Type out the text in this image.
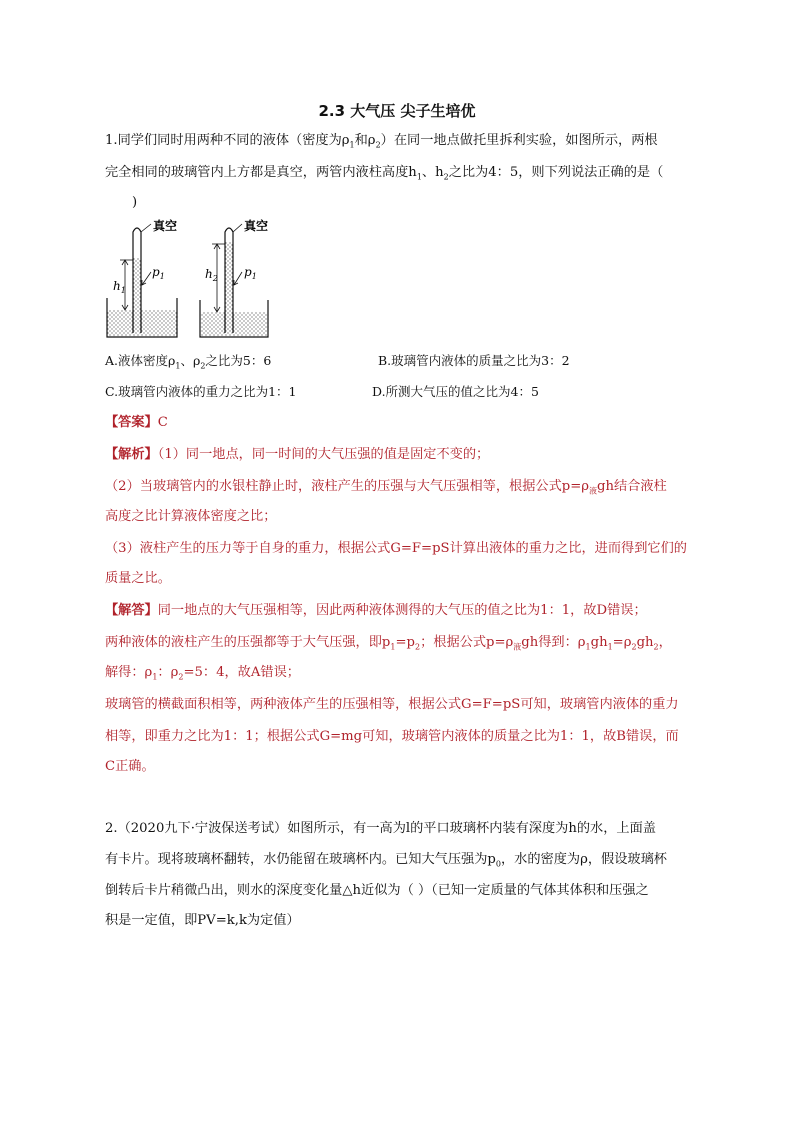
2.3 大气压 尖子生培优
1.同学们同时用两种不同的液体（密度为$\rho_1$和$\rho_2$）在同一地点做托里拆利实验，如图所示，两根
完全相同的玻璃管内上方都是真空，两管内液柱高度$h_1$、$h_2$之比为4：5，则下列说法正确的是（
)
真空
$h_1$
$p_1$
真空
$h_2$ $p_1$
A.液体密度$\rho_1$、$\rho_2$之比为5：6	B.玻璃管内液体的质量之比为3：2
C.玻璃管内液体的重力之比为1：1	D.所测大气压的值之比为4：5
【答案】C
【解析】（1）同一地点，同一时间的大气压强的值是固定不变的；
（2）当玻璃管内的水银柱静止时，液柱产生的压强与大气压强相等，根据公式$p=\rho_液gh$结合液柱
高度之比计算液体密度之比；
（3）液柱产生的压力等于自身的重力，根据公式G=F=pS计算出液体的重力之比，进而得到它们的
质量之比。
【解答】同一地点的大气压强相等，因此两种液体测得的大气压的值之比为1：1，故D错误；
两种液体的液柱产生的压强都等于大气压强，即$p_1=p_2$；根据公式$p=\rho_液gh$得到：$\rho_1gh_1=\rho_2gh_2$，
解得：$\rho_1$：$\rho_2=5$：4，故A错误；
玻璃管的横截面积相等，两种液体产生的压强相等，根据公式G=F=pS可知，玻璃管内液体的重力
相等，即重力之比为1：1；根据公式G=mg可知，玻璃管内液体的质量之比为1：1，故B错误，而
C正确。
2.（2020九下·宁波保送考试）如图所示，有一高为l的平口玻璃杯内装有深度为h的水，上面盖
有卡片。现将玻璃杯翻转，水仍能留在玻璃杯内。已知大气压强为$p_0$，水的密度为ρ，假设玻璃杯
倒转后卡片稍微凸出，则水的深度变化量△h近似为（ ）（已知一定质量的气体其体积和压强之
积是一定值，即PV=k,k为定值）
